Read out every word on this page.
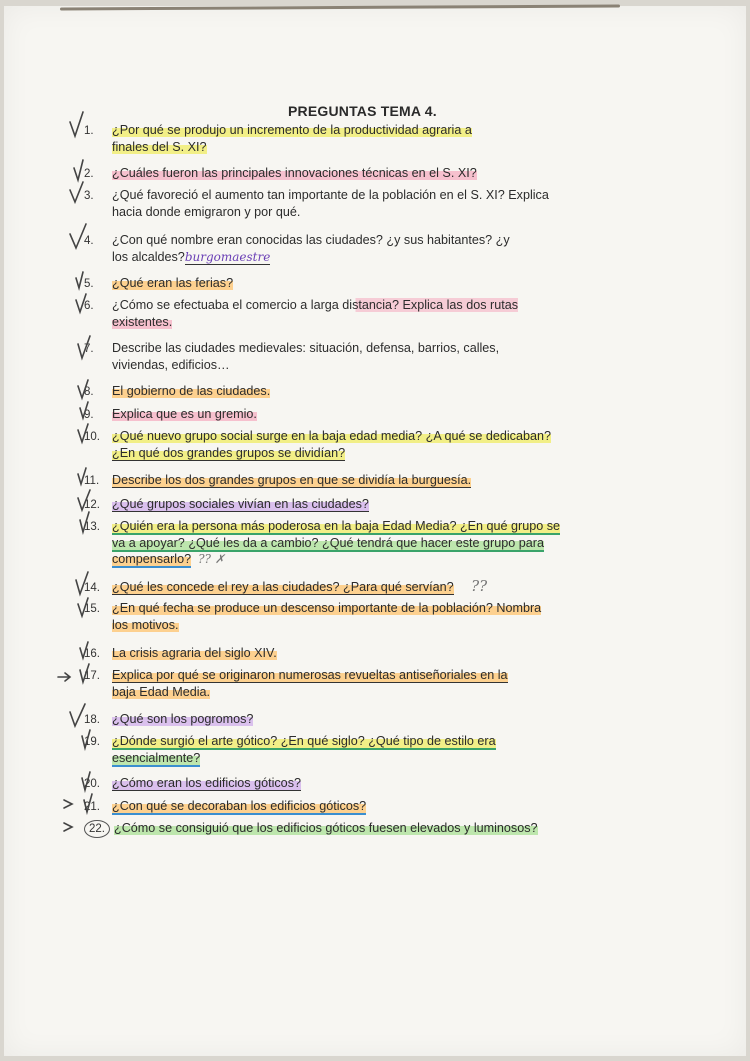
PREGUNTAS TEMA 4.
1. ¿Por qué se produjo un incremento de la productividad agraria a
finales del S. XI?
2. ¿Cuáles fueron las principales innovaciones técnicas en el S. XI?
3. ¿Qué favoreció el aumento tan importante de la población en el S. XI? Explica
hacia donde emigraron y por qué.
4. ¿Con qué nombre eran conocidas las ciudades? ¿y sus habitantes? ¿y
los alcaldes?burgomaestre
5. ¿Qué eran las ferias?
6. ¿Cómo se efectuaba el comercio a larga distancia? Explica las dos rutas
existentes.
7. Describe las ciudades medievales: situación, defensa, barrios, calles,
viviendas, edificios…
8. El gobierno de las ciudades.
9. Explica que es un gremio.
10. ¿Qué nuevo grupo social surge en la baja edad media? ¿A qué se dedicaban?
¿En qué dos grandes grupos se dividían?
11. Describe los dos grandes grupos en que se dividía la burguesía.
12. ¿Qué grupos sociales vivían en las ciudades?
13. ¿Quién era la persona más poderosa en la baja Edad Media? ¿En qué grupo se
va a apoyar? ¿Qué les da a cambio? ¿Qué tendrá que hacer este grupo para
compensarlo? ?? ✗
14. ¿Qué les concede el rey a las ciudades? ¿Para qué servían? ??
15. ¿En qué fecha se produce un descenso importante de la población? Nombra
los motivos.
16. La crisis agraria del siglo XIV.
17. Explica por qué se originaron numerosas revueltas antiseñoriales en la
baja Edad Media.
18. ¿Qué son los pogromos?
19. ¿Dónde surgió el arte gótico? ¿En qué siglo? ¿Qué tipo de estilo era
esencialmente?
20. ¿Cómo eran los edificios góticos?
21. ¿Con qué se decoraban los edificios góticos?
22. ¿Cómo se consiguió que los edificios góticos fuesen elevados y luminosos?
